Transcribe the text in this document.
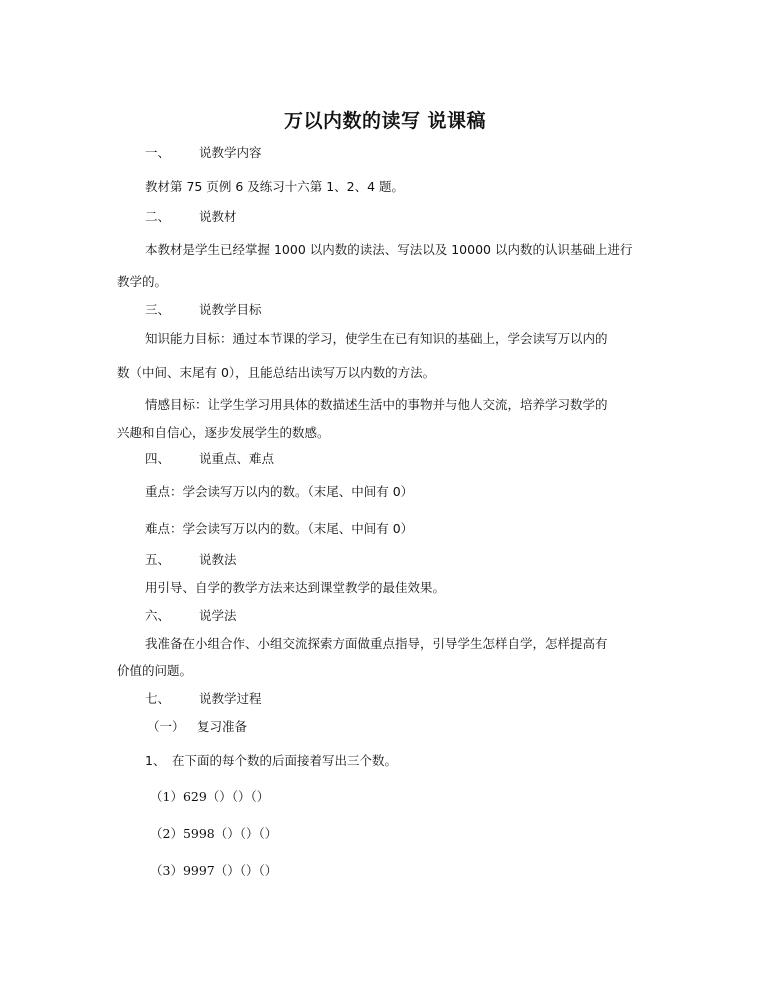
万以内数的读写 说课稿
一、 说教学内容
教材第 75 页例 6 及练习十六第 1、2、4 题。
二、 说教材
本教材是学生已经掌握 1000 以内数的读法、写法以及 10000 以内数的认识基础上进行
教学的。
三、 说教学目标
知识能力目标：通过本节课的学习，使学生在已有知识的基础上，学会读写万以内的
数（中间、末尾有 0），且能总结出读写万以内数的方法。
情感目标：让学生学习用具体的数描述生活中的事物并与他人交流，培养学习数学的
兴趣和自信心，逐步发展学生的数感。
四、 说重点、难点
重点：学会读写万以内的数。（末尾、中间有 0）
难点：学会读写万以内的数。（末尾、中间有 0）
五、 说教法
用引导、自学的教学方法来达到课堂教学的最佳效果。
六、 说学法
我准备在小组合作、小组交流探索方面做重点指导，引导学生怎样自学，怎样提高有
价值的问题。
七、 说教学过程
（一） 复习准备
1、 在下面的每个数的后面接着写出三个数。
（1）629（）（）（）
（2）5998（）（）（）
（3）9997（）（）（）
